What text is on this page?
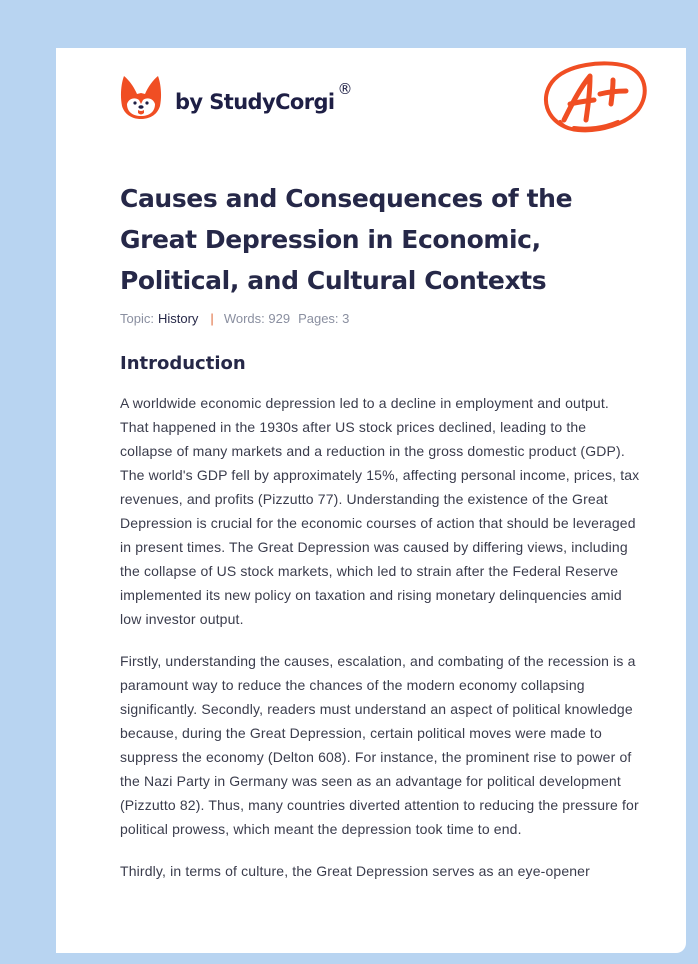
by StudyCorgi
®
Causes and Consequences of the Great Depression in Economic, Political, and Cultural Contexts
Topic: History | Words: 929 Pages: 3
Introduction

A worldwide economic depression led to a decline in employment and output. That happened in the 1930s after US stock prices declined, leading to the collapse of many markets and a reduction in the gross domestic product (GDP). The world's GDP fell by approximately 15%, affecting personal income, prices, tax revenues, and profits (Pizzutto 77). Understanding the existence of the Great Depression is crucial for the economic courses of action that should be leveraged in present times. The Great Depression was caused by differing views, including the collapse of US stock markets, which led to strain after the Federal Reserve implemented its new policy on taxation and rising monetary delinquencies amid low investor output.

Firstly, understanding the causes, escalation, and combating of the recession is a paramount way to reduce the chances of the modern economy collapsing significantly. Secondly, readers must understand an aspect of political knowledge because, during the Great Depression, certain political moves were made to suppress the economy (Delton 608). For instance, the prominent rise to power of the Nazi Party in Germany was seen as an advantage for political development (Pizzutto 82). Thus, many countries diverted attention to reducing the pressure for political prowess, which meant the depression took time to end.

Thirdly, in terms of culture, the Great Depression serves as an eye-opener
